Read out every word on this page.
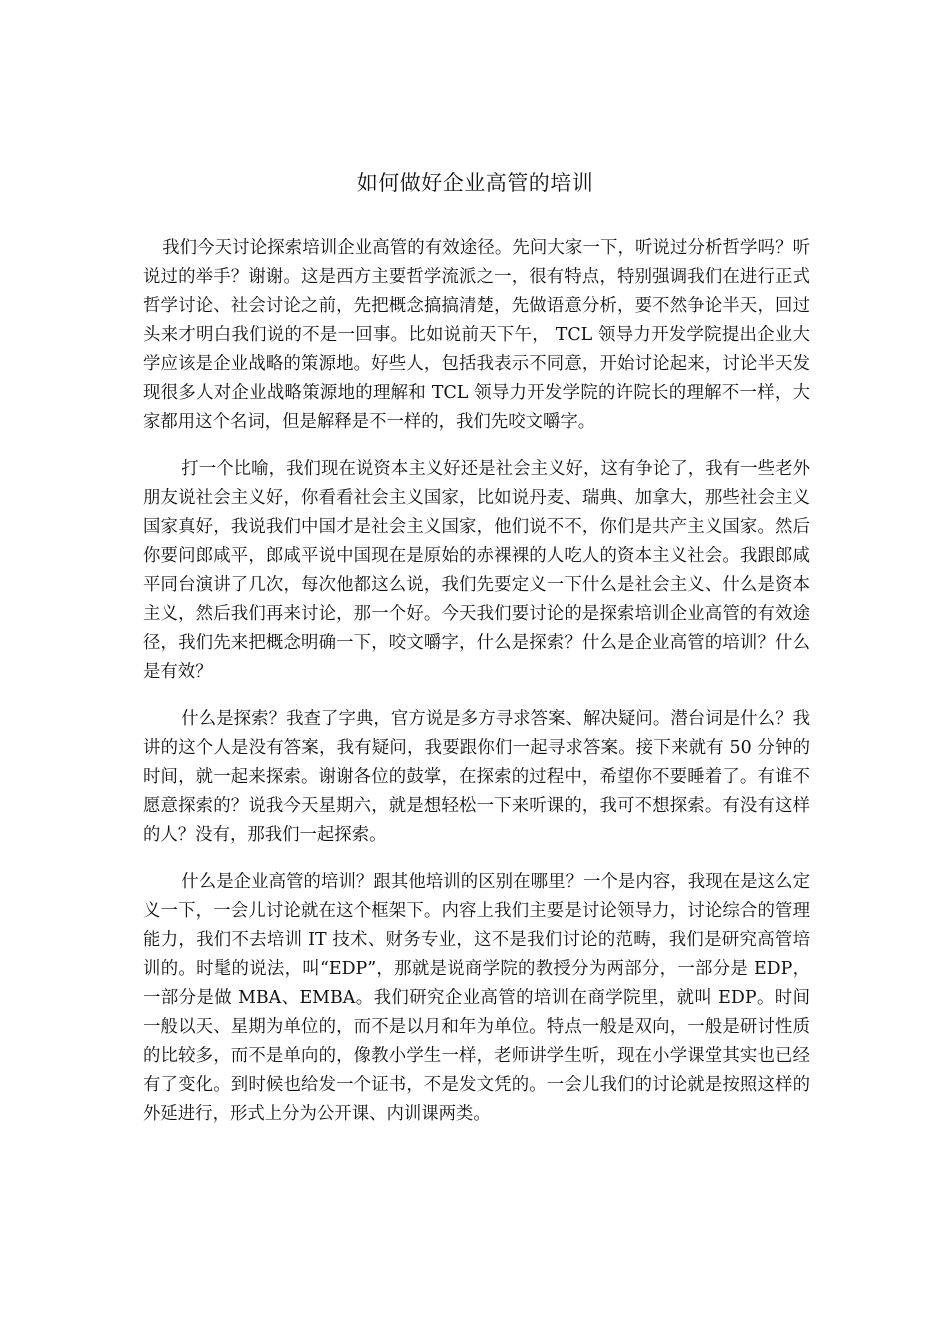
如何做好企业高管的培训

我们今天讨论探索培训企业高管的有效途径。先问大家一下，听说过分析哲学吗？听说过的举手？谢谢。这是西方主要哲学流派之一，很有特点，特别强调我们在进行正式哲学讨论、社会讨论之前，先把概念搞搞清楚，先做语意分析，要不然争论半天，回过头来才明白我们说的不是一回事。比如说前天下午， TCL 领导力开发学院提出企业大学应该是企业战略的策源地。好些人，包括我表示不同意，开始讨论起来，讨论半天发现很多人对企业战略策源地的理解和 TCL 领导力开发学院的许院长的理解不一样，大家都用这个名词，但是解释是不一样的，我们先咬文嚼字。

打一个比喻，我们现在说资本主义好还是社会主义好，这有争论了，我有一些老外朋友说社会主义好，你看看社会主义国家，比如说丹麦、瑞典、加拿大，那些社会主义国家真好，我说我们中国才是社会主义国家，他们说不不，你们是共产主义国家。然后你要问郎咸平，郎咸平说中国现在是原始的赤裸裸的人吃人的资本主义社会。我跟郎咸平同台演讲了几次，每次他都这么说，我们先要定义一下什么是社会主义、什么是资本主义，然后我们再来讨论，那一个好。今天我们要讨论的是探索培训企业高管的有效途径，我们先来把概念明确一下，咬文嚼字，什么是探索？什么是企业高管的培训？什么是有效？

什么是探索？我查了字典，官方说是多方寻求答案、解决疑问。潜台词是什么？我讲的这个人是没有答案，我有疑问，我要跟你们一起寻求答案。接下来就有 50 分钟的时间，就一起来探索。谢谢各位的鼓掌，在探索的过程中，希望你不要睡着了。有谁不愿意探索的？说我今天星期六，就是想轻松一下来听课的，我可不想探索。有没有这样的人？没有，那我们一起探索。

什么是企业高管的培训？跟其他培训的区别在哪里？一个是内容，我现在是这么定义一下，一会儿讨论就在这个框架下。内容上我们主要是讨论领导力，讨论综合的管理能力，我们不去培训 IT 技术、财务专业，这不是我们讨论的范畴，我们是研究高管培训的。时髦的说法，叫“EDP”，那就是说商学院的教授分为两部分，一部分是 EDP，一部分是做 MBA、EMBA。我们研究企业高管的培训在商学院里，就叫 EDP。时间一般以天、星期为单位的，而不是以月和年为单位。特点一般是双向，一般是研讨性质的比较多，而不是单向的，像教小学生一样，老师讲学生听，现在小学课堂其实也已经有了变化。到时候也给发一个证书，不是发文凭的。一会儿我们的讨论就是按照这样的外延进行，形式上分为公开课、内训课两类。
